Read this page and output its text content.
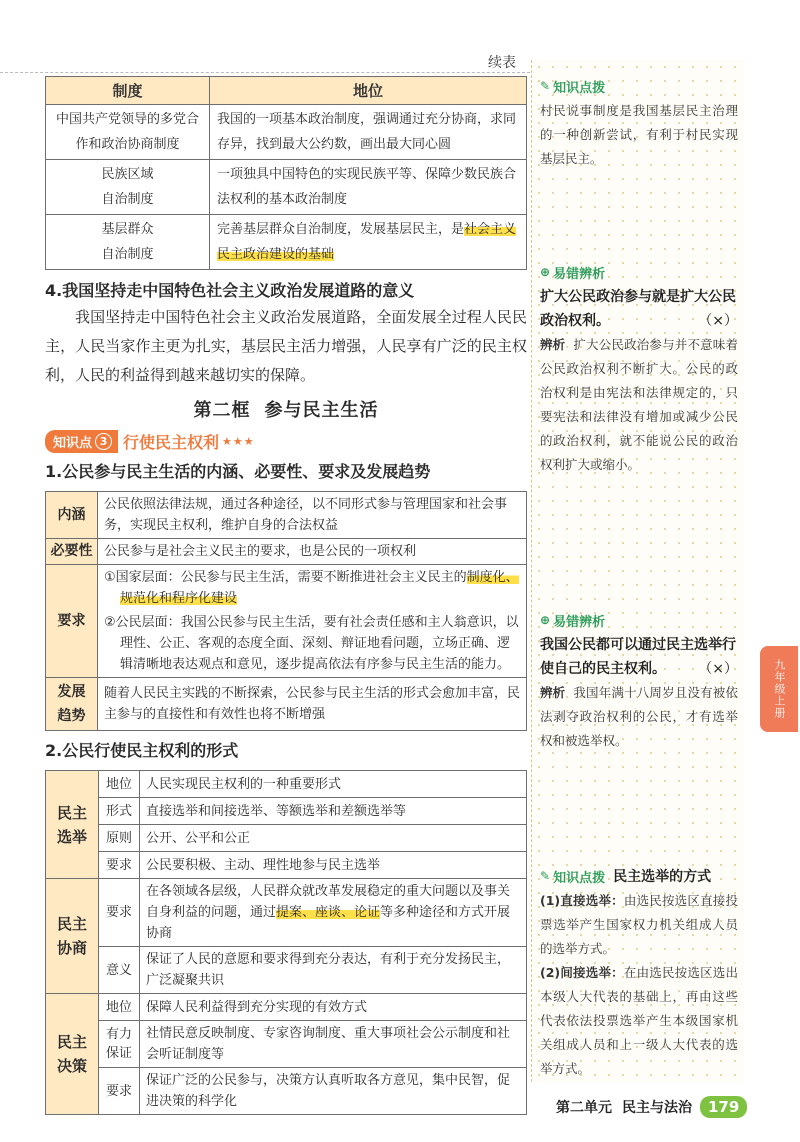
续表
制度	地位
中国共产党领导的多党合作和政治协商制度	我国的一项基本政治制度，强调通过充分协商，求同存异，找到最大公约数，画出最大同心圆

民族区域自治制度	一项独具中国特色的实现民族平等、保障少数民族合法权利的基本政治制度

基层群众自治制度	完善基层群众自治制度，发展基层民主，是社会主义民主政治建设的基础
4.我国坚持走中国特色社会主义政治发展道路的意义
我国坚持走中国特色社会主义政治发展道路，全面发展全过程人民民主，人民当家作主更为扎实，基层民主活力增强，人民享有广泛的民主权利，人民的利益得到越来越切实的保障。
第二框 参与民主生活
知识点 3 行使民主权利 ★★★
1.公民参与民主生活的内涵、必要性、要求及发展趋势
内涵	公民依照法律法规，通过各种途径，以不同形式参与管理国家和社会事务，实现民主权利，维护自身的合法权益
必要性	公民参与是社会主义民主的要求，也是公民的一项权利
要求	①国家层面：公民参与民主生活，需要不断推进社会主义民主的制度化、规范化和程序化建设
②公民层面：我国公民参与民主生活，要有社会责任感和主人翁意识，以理性、公正、客观的态度全面、深刻、辩证地看问题，立场正确、逻辑清晰地表达观点和意见，逐步提高依法有序参与民主生活的能力。

发展趋势	随着人民民主实践的不断探索，公民参与民主生活的形式会愈加丰富，民主参与的直接性和有效性也将不断增强
2.公民行使民主权利的形式
民主选举	地位	人民实现民主权利的一种重要形式
	形式	直接选举和间接选举、等额选举和差额选举等
	原则	公开、公平和公正
	要求	公民要积极、主动、理性地参与民主选举

民主协商	要求	在各领域各层级，人民群众就改革发展稳定的重大问题以及事关自身利益的问题，通过提案、座谈、论证等多种途径和方式开展协商
	意义	保证了人民的意愿和要求得到充分表达，有利于充分发扬民主，广泛凝聚共识

民主决策	地位	保障人民利益得到充分实现的有效方式

	有力保证	社情民意反映制度、专家咨询制度、重大事项社会公示制度和社会听证制度等
	要求	保证广泛的公民参与，决策方认真听取各方意见，集中民智，促进决策的科学化
✎ 知识点拨
村民说事制度是我国基层民主治理的一种创新尝试，有利于村民实现基层民主。
⊕ 易错辨析
扩大公民政治参与就是扩大公民政治权利。	（×）
辨析 扩大公民政治参与并不意味着公民政治权利不断扩大。公民的政治权利是由宪法和法律规定的，只要宪法和法律没有增加或减少公民的政治权利，就不能说公民的政治权利扩大或缩小。
⊕ 易错辨析
我国公民都可以通过民主选举行使自己的民主权利。 （×）
辨析 我国年满十八周岁且没有被依法剥夺政治权利的公民，才有选举权和被选举权。
✎ 知识点拨 民主选举的方式
(1)直接选举：由选民按选区直接投票选举产生国家权力机关组成人员的选举方式。
(2)间接选举：在由选民按选区选出本级人大代表的基础上，再由这些代表依法投票选举产生本级国家机关组成人员和上一级人大代表的选举方式。
九年级上册
第二单元 民主与法治	179
